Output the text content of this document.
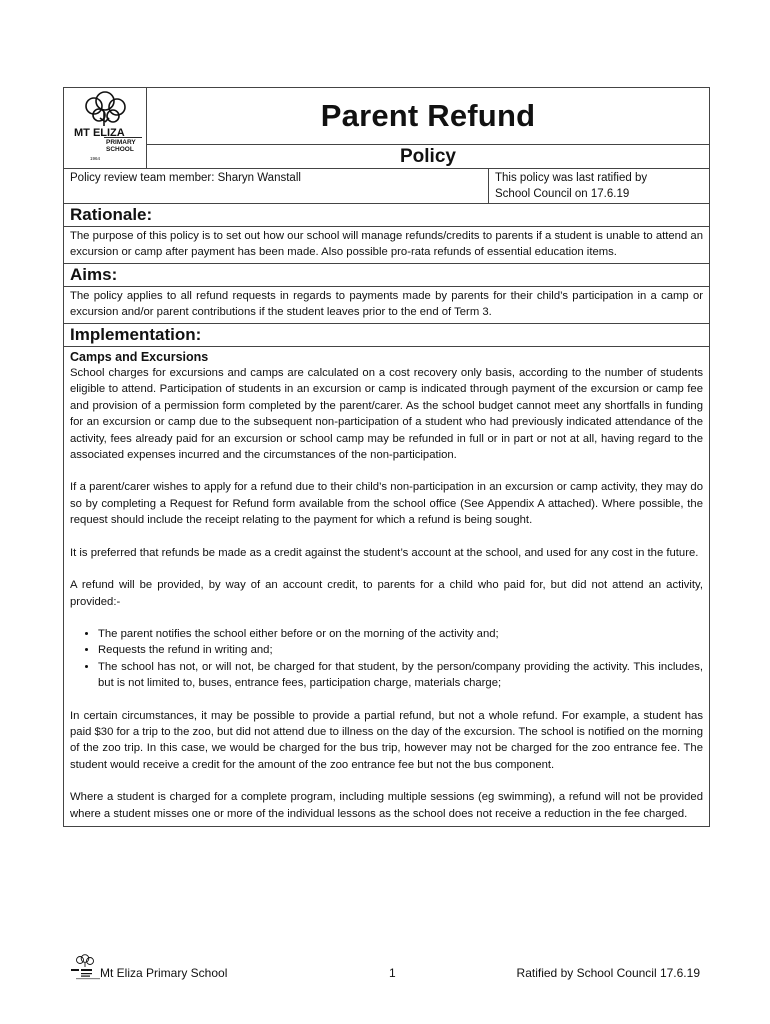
MT ELIZA
PRIMARY
SCHOOL
1964
Parent Refund
Policy
Policy review team member: Sharyn Wanstall	This policy was last ratified by
School Council on 17.6.19
Rationale:
The purpose of this policy is to set out how our school will manage refunds/credits to parents if a student is unable to attend an excursion or camp after payment has been made. Also possible pro-rata refunds of essential education items.
Aims:
The policy applies to all refund requests in regards to payments made by parents for their child’s participation in a camp or excursion and/or parent contributions if the student leaves prior to the end of Term 3.
Implementation:
Camps and Excursions

School charges for excursions and camps are calculated on a cost recovery only basis, according to the number of students eligible to attend. Participation of students in an excursion or camp is indicated through payment of the excursion or camp fee and provision of a permission form completed by the parent/carer. As the school budget cannot meet any shortfalls in funding for an excursion or camp due to the subsequent non-participation of a student who had previously indicated attendance of the activity, fees already paid for an excursion or school camp may be refunded in full or in part or not at all, having regard to the associated expenses incurred and the circumstances of the non-participation.

If a parent/carer wishes to apply for a refund due to their child’s non-participation in an excursion or camp activity, they may do so by completing a Request for Refund form available from the school office (See Appendix A attached). Where possible, the request should include the receipt relating to the payment for which a refund is being sought.

It is preferred that refunds be made as a credit against the student’s account at the school, and used for any cost in the future.

A refund will be provided, by way of an account credit, to parents for a child who paid for, but did not attend an activity, provided:-

• The parent notifies the school either before or on the morning of the activity and;
• Requests the refund in writing and;
• The school has not, or will not, be charged for that student, by the person/company providing the activity. This includes, but is not limited to, buses, entrance fees, participation charge, materials charge;

In certain circumstances, it may be possible to provide a partial refund, but not a whole refund. For example, a student has paid $30 for a trip to the zoo, but did not attend due to illness on the day of the excursion. The school is notified on the morning of the zoo trip. In this case, we would be charged for the bus trip, however may not be charged for the zoo entrance fee. The student would receive a credit for the amount of the zoo entrance fee but not the bus component.

Where a student is charged for a complete program, including multiple sessions (eg swimming), a refund will not be provided where a student misses one or more of the individual lessons as the school does not receive a reduction in the fee charged.

Mt Eliza Primary School	1	Ratified by School Council 17.6.19
